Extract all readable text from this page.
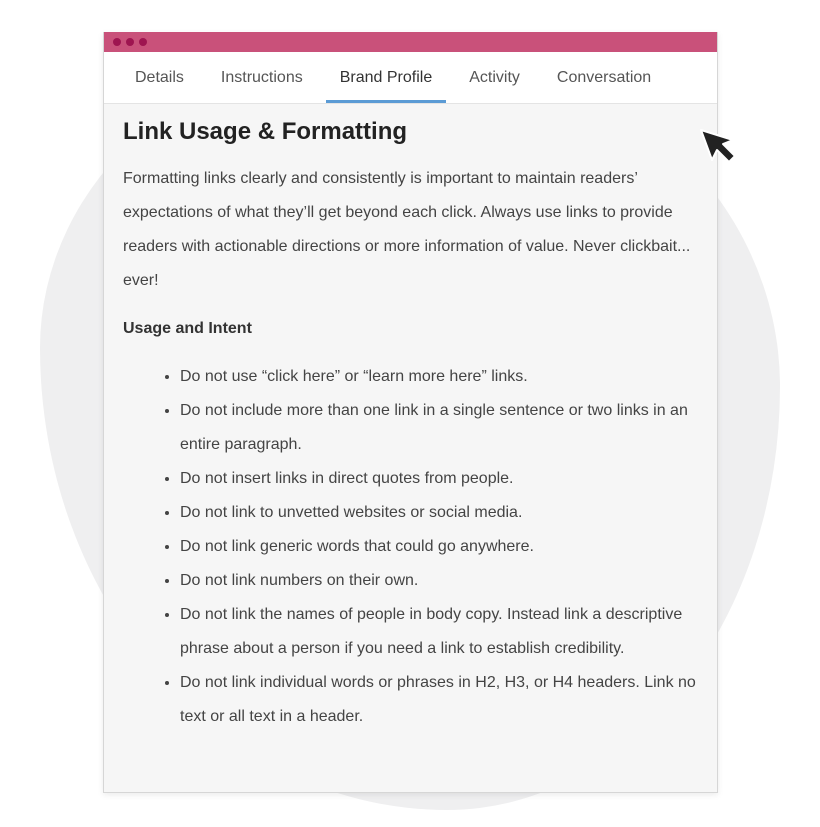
Details	Instructions	Brand Profile	Activity	Conversation
Link Usage & Formatting

Formatting links clearly and consistently is important to maintain readers’ expectations of what they’ll get beyond each click. Always use links to provide readers with actionable directions or more information of value. Never clickbait... ever!

Usage and Intent
• Do not use “click here” or “learn more here” links.
• Do not include more than one link in a single sentence or two links in an entire paragraph.
• Do not insert links in direct quotes from people.
• Do not link to unvetted websites or social media.
• Do not link generic words that could go anywhere.
• Do not link numbers on their own.
• Do not link the names of people in body copy. Instead link a descriptive phrase about a person if you need a link to establish credibility.
• Do not link individual words or phrases in H2, H3, or H4 headers. Link no text or all text in a header.
